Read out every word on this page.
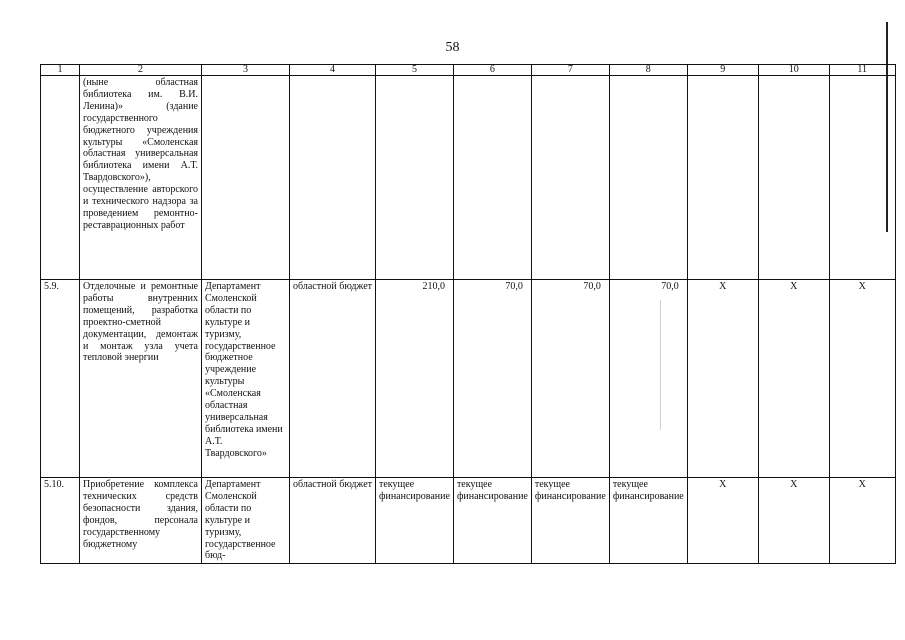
58
1	2	3	4	5	6	7	8	9	10	11
	(ныне областная библиотека им. В.И. Ленина)» (здание государственного бюджетного учреждения культуры «Смоленская областная универсальная библиотека имени А.Т. Твардовского»), осуществление авторского и технического надзора за проведением ремонтно-реставрационных работ									
5.9.	Отделочные и ремонтные работы внутренних помещений, разработка проектно-сметной документации, демонтаж и монтаж узла учета тепловой энергии	Департамент Смоленской области по культуре и туризму, государственное бюджетное учреждение культуры «Смоленская областная универсальная библиотека имени А.Т. Твардовского»	областной бюджет	210,0	70,0	70,0	70,0	X	X	X
5.10.	Приобретение комплекса технических средств безопасности здания, фондов, персонала государственному бюджетному	Департамент Смоленской области по культуре и туризму, государственное бюд-	областной бюджет	текущее финансирование	текущее финансирование	текущее финансирование	текущее финансирование	X	X	X
